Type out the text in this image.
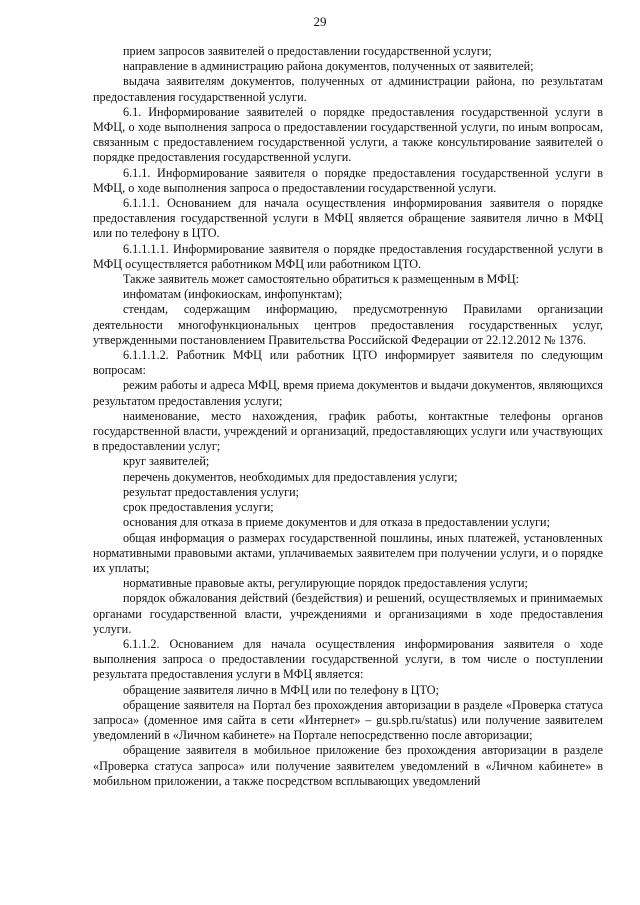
29

прием запросов заявителей о предоставлении государственной услуги;

направление в администрацию района документов, полученных от заявителей;

выдача заявителям документов, полученных от администрации района, по результатам предоставления государственной услуги.

6.1. Информирование заявителей о порядке предоставления государственной услуги в МФЦ, о ходе выполнения запроса о предоставлении государственной услуги, по иным вопросам, связанным с предоставлением государственной услуги, а также консультирование заявителей о порядке предоставления государственной услуги.

6.1.1. Информирование заявителя о порядке предоставления государственной услуги в МФЦ, о ходе выполнения запроса о предоставлении государственной услуги.

6.1.1.1. Основанием для начала осуществления информирования заявителя о порядке предоставления государственной услуги в МФЦ является обращение заявителя лично в МФЦ или по телефону в ЦТО.

6.1.1.1.1. Информирование заявителя о порядке предоставления государственной услуги в МФЦ осуществляется работником МФЦ или работником ЦТО.

Также заявитель может самостоятельно обратиться к размещенным в МФЦ:

инфоматам (инфокиоскам, инфопунктам);

стендам, содержащим информацию, предусмотренную Правилами организации деятельности многофункциональных центров предоставления государственных услуг, утвержденными постановлением Правительства Российской Федерации от 22.12.2012 № 1376.

6.1.1.1.2. Работник МФЦ или работник ЦТО информирует заявителя по следующим вопросам:

режим работы и адреса МФЦ, время приема документов и выдачи документов, являющихся результатом предоставления услуги;

наименование, место нахождения, график работы, контактные телефоны органов государственной власти, учреждений и организаций, предоставляющих услуги или участвующих в предоставлении услуг;

круг заявителей;

перечень документов, необходимых для предоставления услуги;

результат предоставления услуги;

срок предоставления услуги;

основания для отказа в приеме документов и для отказа в предоставлении услуги;

общая информация о размерах государственной пошлины, иных платежей, установленных нормативными правовыми актами, уплачиваемых заявителем при получении услуги, и о порядке их уплаты;

нормативные правовые акты, регулирующие порядок предоставления услуги;

порядок обжалования действий (бездействия) и решений, осуществляемых и принимаемых органами государственной власти, учреждениями и организациями в ходе предоставления услуги.

6.1.1.2. Основанием для начала осуществления информирования заявителя о ходе выполнения запроса о предоставлении государственной услуги, в том числе о поступлении результата предоставления услуги в МФЦ является:

обращение заявителя лично в МФЦ или по телефону в ЦТО;

обращение заявителя на Портал без прохождения авторизации в разделе «Проверка статуса запроса» (доменное имя сайта в сети «Интернет» – gu.spb.ru/status) или получение заявителем уведомлений в «Личном кабинете» на Портале непосредственно после авторизации;

обращение заявителя в мобильное приложение без прохождения авторизации в разделе «Проверка статуса запроса» или получение заявителем уведомлений в «Личном кабинете» в мобильном приложении, а также посредством всплывающих уведомлений
